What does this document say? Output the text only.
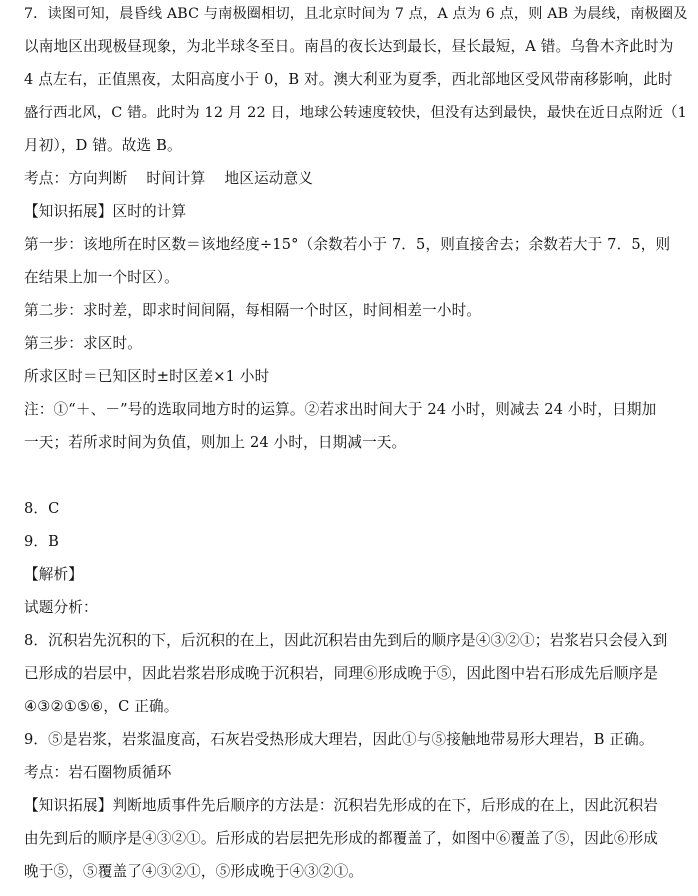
7．读图可知，晨昏线 ABC 与南极圈相切，且北京时间为 7 点，A 点为 6 点，则 AB 为晨线，南极圈及
以南地区出现极昼现象，为北半球冬至日。南昌的夜长达到最长，昼长最短，A 错。乌鲁木齐此时为
4 点左右，正值黑夜，太阳高度小于 0，B 对。澳大利亚为夏季，西北部地区受风带南移影响，此时
盛行西北风，C 错。此时为 12 月 22 日，地球公转速度较快，但没有达到最快，最快在近日点附近（1
月初），D 错。故选 B。
考点：方向判断    时间计算    地区运动意义
【知识拓展】区时的计算
第一步：该地所在时区数＝该地经度÷15°（余数若小于 7．5，则直接舍去；余数若大于 7．5，则
在结果上加一个时区）。
第二步：求时差，即求时间间隔，每相隔一个时区，时间相差一小时。
第三步：求区时。
所求区时＝已知区时±时区差×1 小时
注：①“＋、－”号的选取同地方时的运算。②若求出时间大于 24 小时，则减去 24 小时，日期加
一天；若所求时间为负值，则加上 24 小时，日期减一天。
8．C
9．B
【解析】
试题分析：
8．沉积岩先沉积的下，后沉积的在上，因此沉积岩由先到后的顺序是④③②①；岩浆岩只会侵入到
已形成的岩层中，因此岩浆岩形成晚于沉积岩，同理⑥形成晚于⑤，因此图中岩石形成先后顺序是
④③②①⑤⑥，C 正确。
9．⑤是岩浆，岩浆温度高，石灰岩受热形成大理岩，因此①与⑤接触地带易形大理岩，B 正确。
考点：岩石圈物质循环
【知识拓展】判断地质事件先后顺序的方法是：沉积岩先形成的在下，后形成的在上，因此沉积岩
由先到后的顺序是④③②①。后形成的岩层把先形成的都覆盖了，如图中⑥覆盖了⑤，因此⑥形成
晚于⑤，⑤覆盖了④③②①，⑤形成晚于④③②①。
